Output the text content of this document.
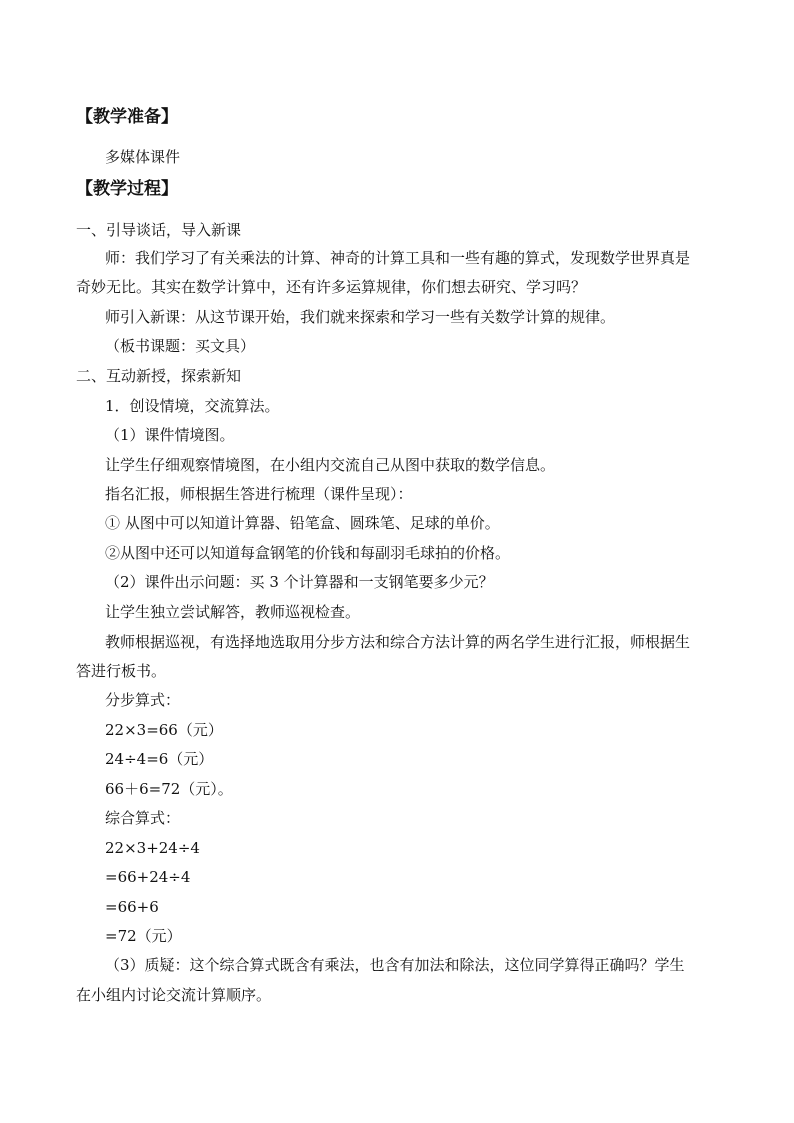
【教学准备】
多媒体课件
【教学过程】
一、引导谈话，导入新课
师：我们学习了有关乘法的计算、神奇的计算工具和一些有趣的算式，发现数学世界真是
奇妙无比。其实在数学计算中，还有许多运算规律，你们想去研究、学习吗？
师引入新课：从这节课开始，我们就来探索和学习一些有关数学计算的规律。
（板书课题：买文具）
二、互动新授，探索新知
1．创设情境，交流算法。
（1）课件情境图。
让学生仔细观察情境图，在小组内交流自己从图中获取的数学信息。
指名汇报，师根据生答进行梳理（课件呈现）：
① 从图中可以知道计算器、铅笔盒、圆珠笔、足球的单价。
②从图中还可以知道每盒钢笔的价钱和每副羽毛球拍的价格。
（2）课件出示问题：买 3 个计算器和一支钢笔要多少元？
让学生独立尝试解答，教师巡视检查。
教师根据巡视，有选择地选取用分步方法和综合方法计算的两名学生进行汇报，师根据生
答进行板书。
分步算式：
22×3=66（元）
24÷4=6（元）
66＋6=72（元）。
综合算式：
22×3+24÷4
=66+24÷4
=66+6
=72（元）
（3）质疑：这个综合算式既含有乘法，也含有加法和除法，这位同学算得正确吗？学生
在小组内讨论交流计算顺序。
